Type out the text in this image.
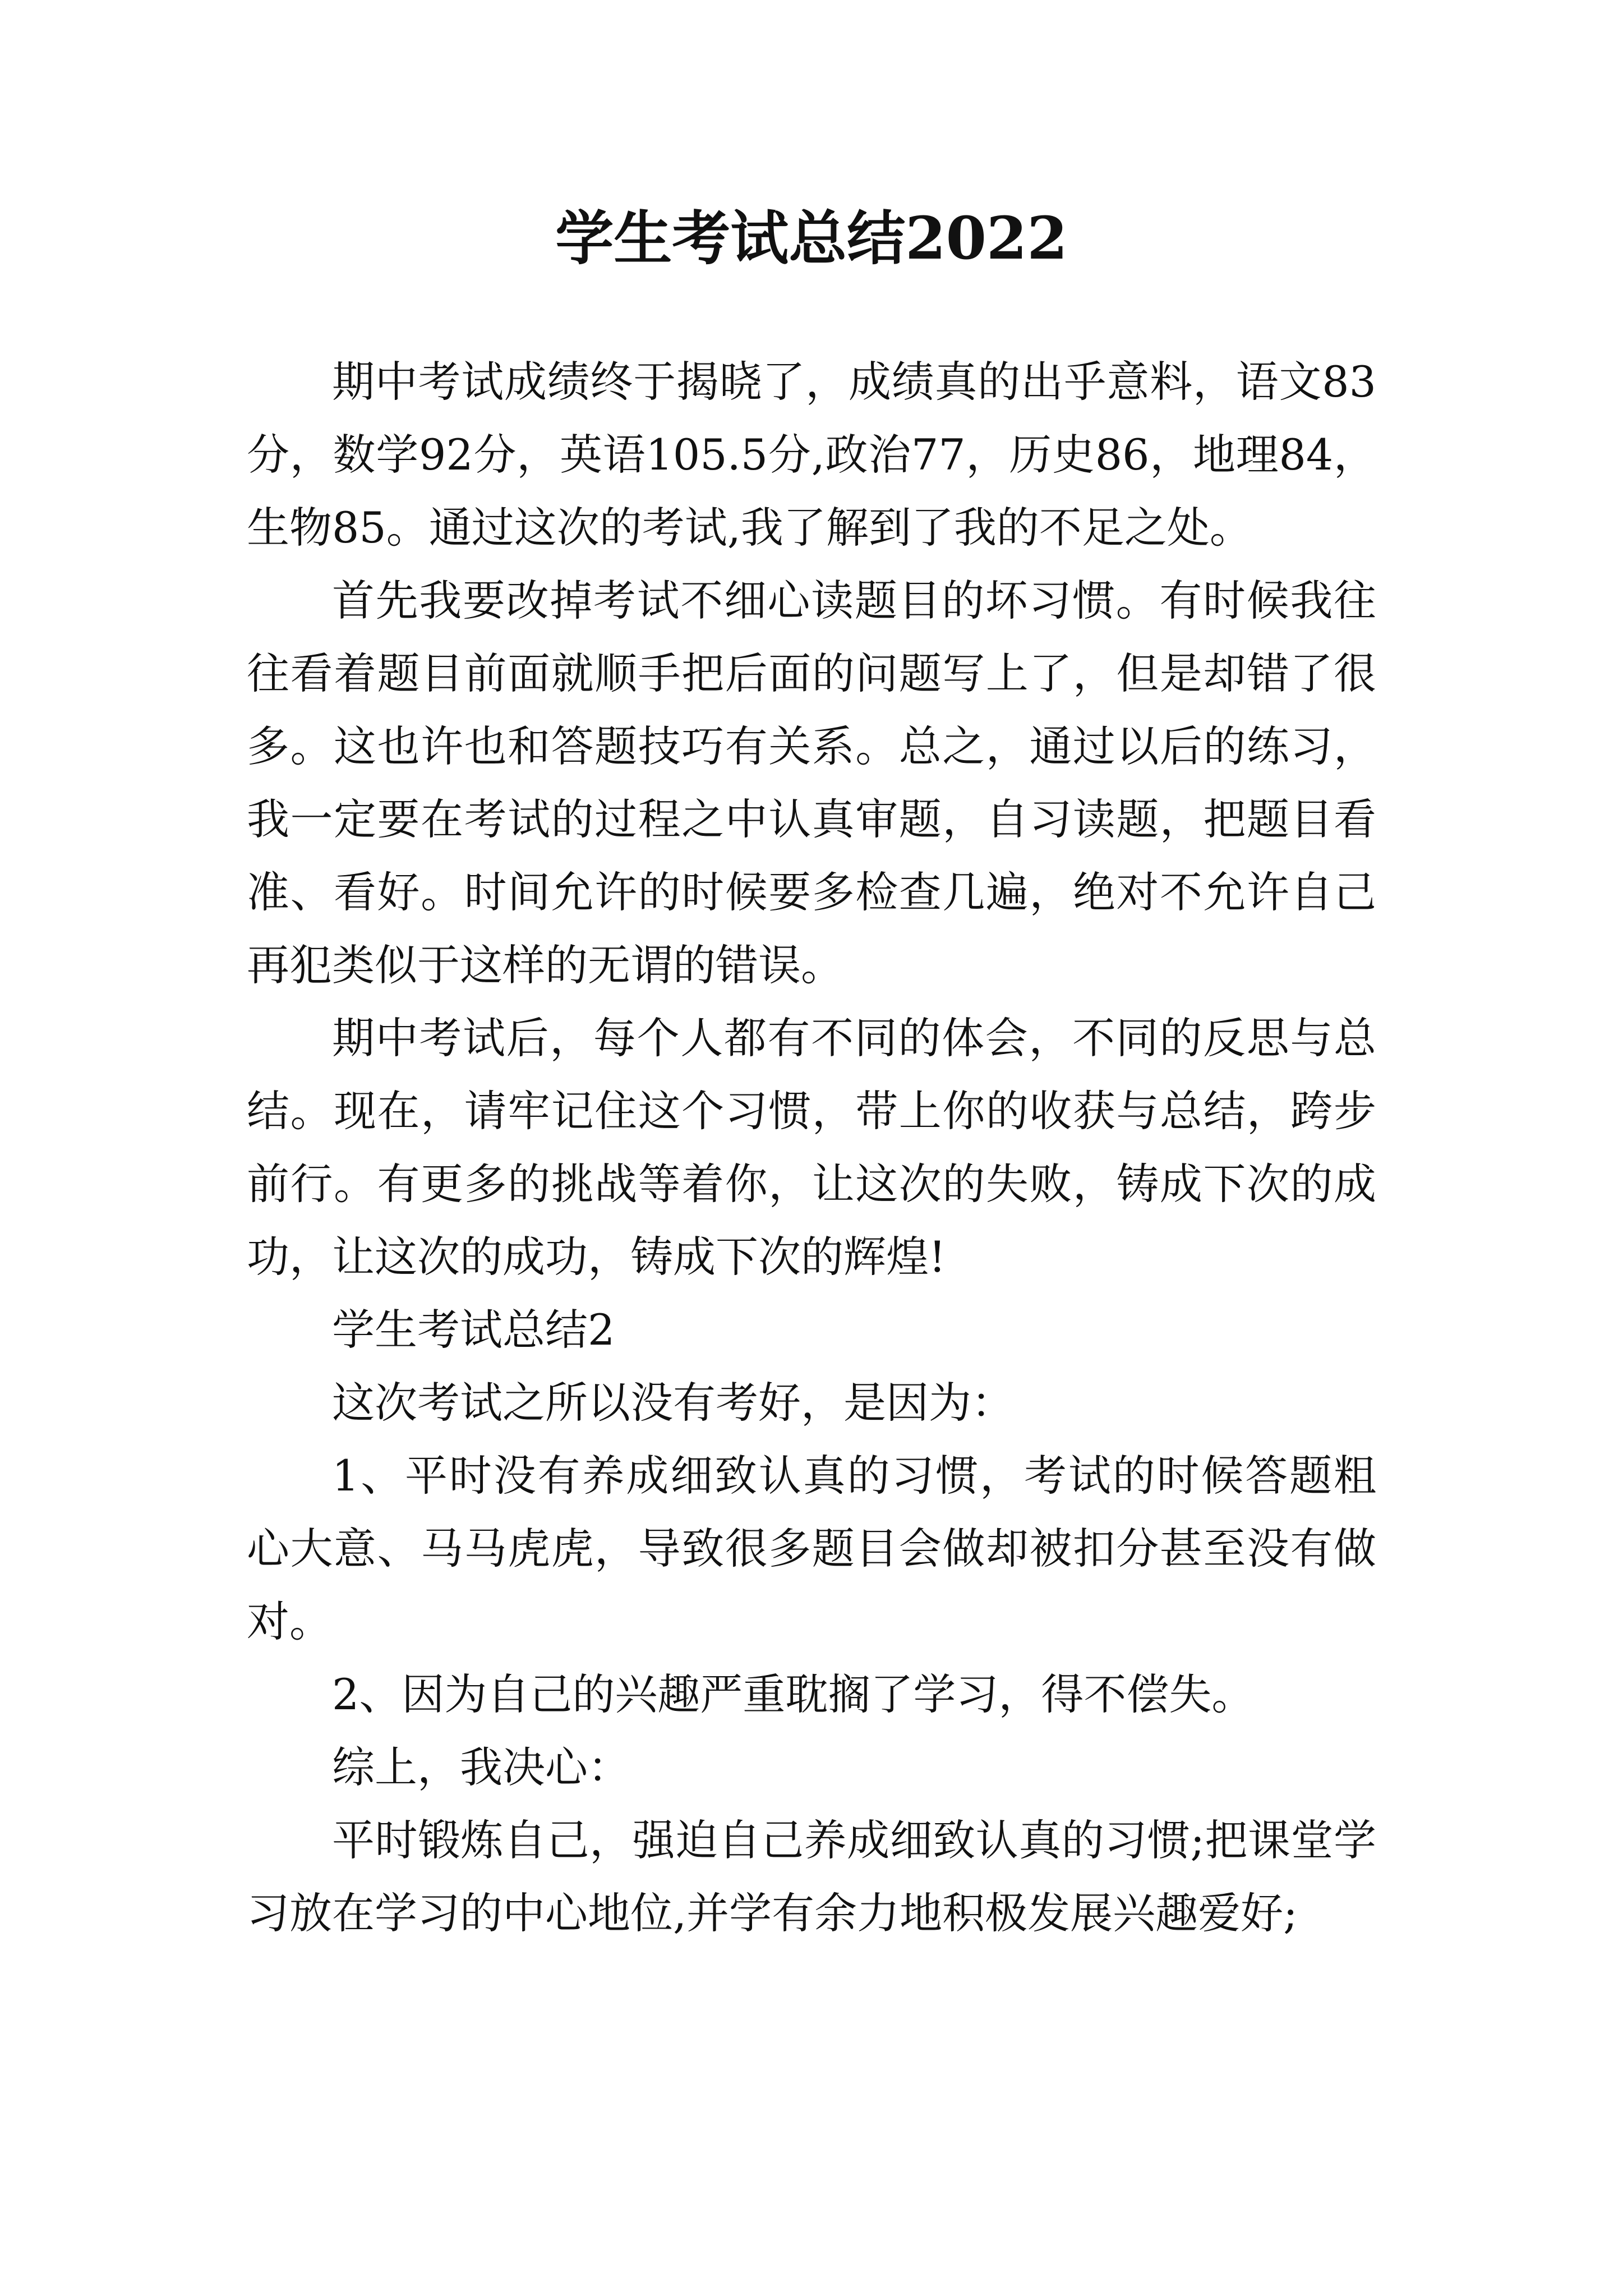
学生考试总结2022

期中考试成绩终于揭晓了，成绩真的出乎意料，语文83分，数学92分，英语105.5分,政治77，历史86，地理84，生物85。通过这次的考试,我了解到了我的不足之处。

首先我要改掉考试不细心读题目的坏习惯。有时候我往往看着题目前面就顺手把后面的问题写上了，但是却错了很多。这也许也和答题技巧有关系。总之，通过以后的练习，我一定要在考试的过程之中认真审题，自习读题，把题目看准、看好。时间允许的时候要多检查几遍，绝对不允许自己再犯类似于这样的无谓的错误。

期中考试后，每个人都有不同的体会，不同的反思与总结。现在，请牢记住这个习惯，带上你的收获与总结，跨步前行。有更多的挑战等着你，让这次的失败，铸成下次的成功，让这次的成功，铸成下次的辉煌!

学生考试总结2

这次考试之所以没有考好，是因为：

1、平时没有养成细致认真的习惯，考试的时候答题粗心大意、马马虎虎，导致很多题目会做却被扣分甚至没有做对。

2、因为自己的兴趣严重耽搁了学习，得不偿失。

综上，我决心：

平时锻炼自己，强迫自己养成细致认真的习惯;把课堂学习放在学习的中心地位,并学有余力地积极发展兴趣爱好;
